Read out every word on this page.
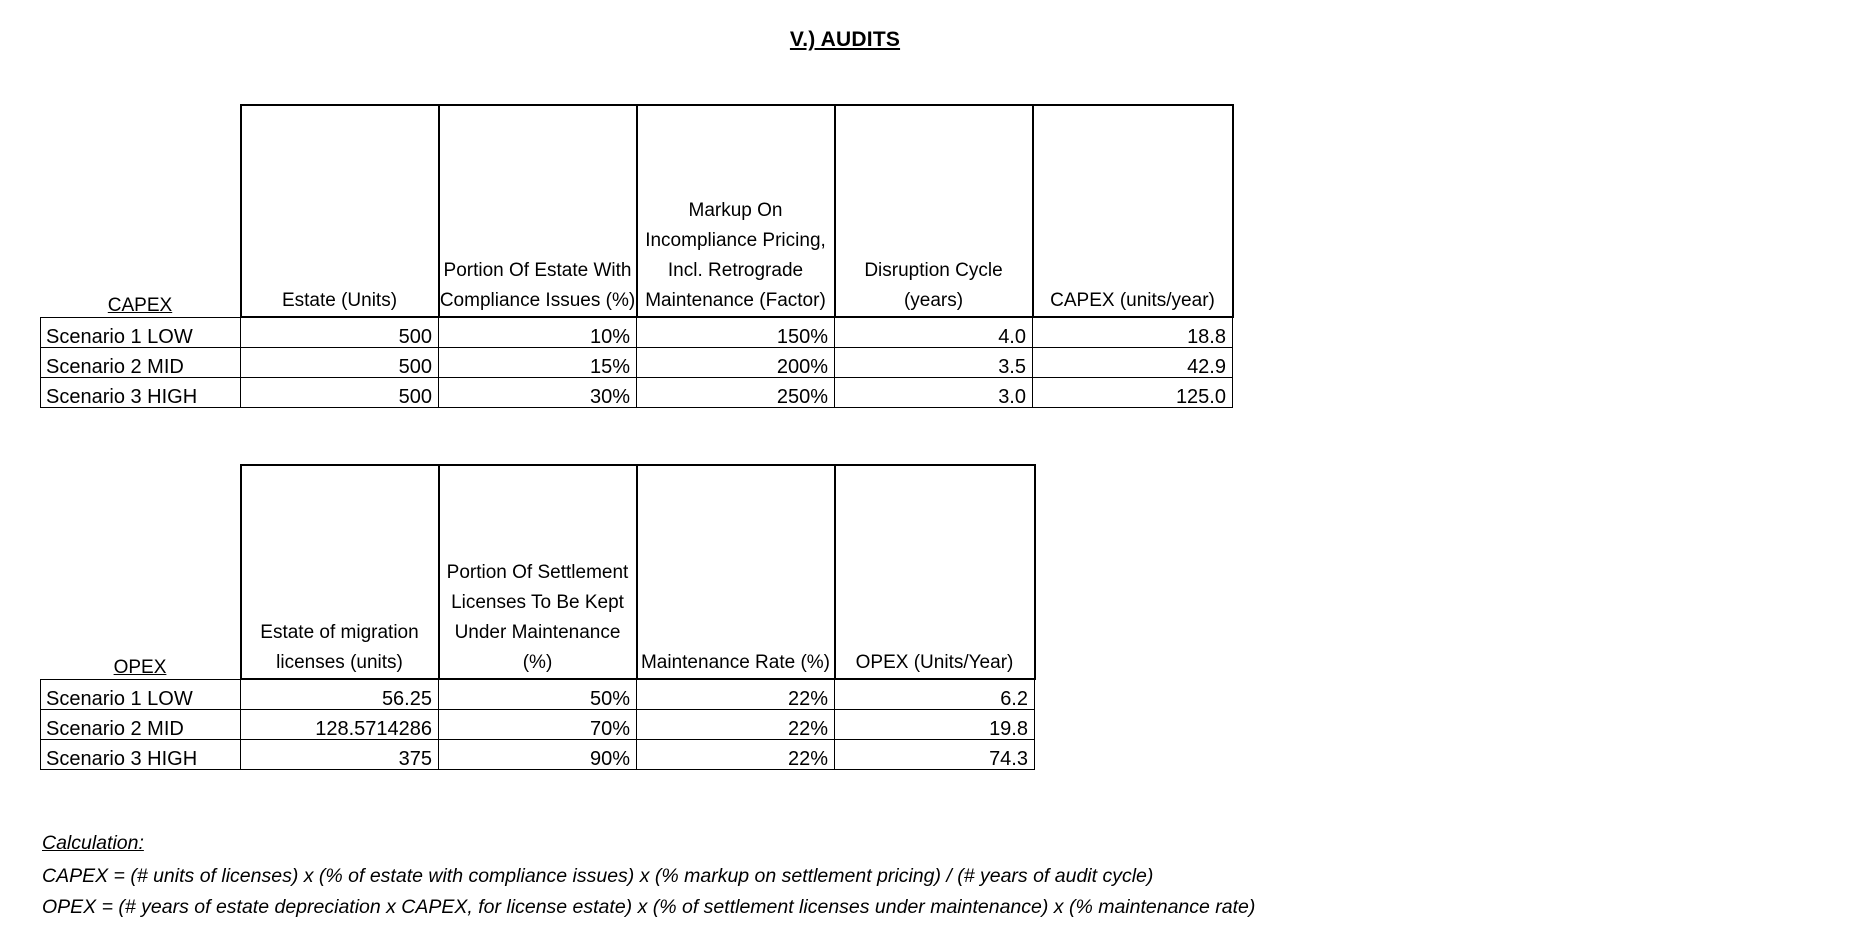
V.) AUDITS
CAPEX	Estate (Units)	Portion Of Estate With Compliance Issues (%)	Markup On Incompliance Pricing, Incl. Retrograde Maintenance (Factor)	Disruption Cycle (years)	CAPEX (units/year)
Scenario 1 LOW	500	10%	150%	4.0	18.8
Scenario 2 MID	500	15%	200%	3.5	42.9
Scenario 3 HIGH	500	30%	250%	3.0	125.0
OPEX	Estate of migration licenses (units)	Portion Of Settlement Licenses To Be Kept Under Maintenance (%)	Maintenance Rate (%)	OPEX (Units/Year)
Scenario 1 LOW	56.25	50%	22%	6.2
Scenario 2 MID	128.5714286	70%	22%	19.8
Scenario 3 HIGH	375	90%	22%	74.3
Calculation:
CAPEX = (# units of licenses) x (% of estate with compliance issues) x (% markup on settlement pricing) / (# years of audit cycle)
OPEX = (# years of estate depreciation x CAPEX, for license estate) x (% of settlement licenses under maintenance) x (% maintenance rate)
